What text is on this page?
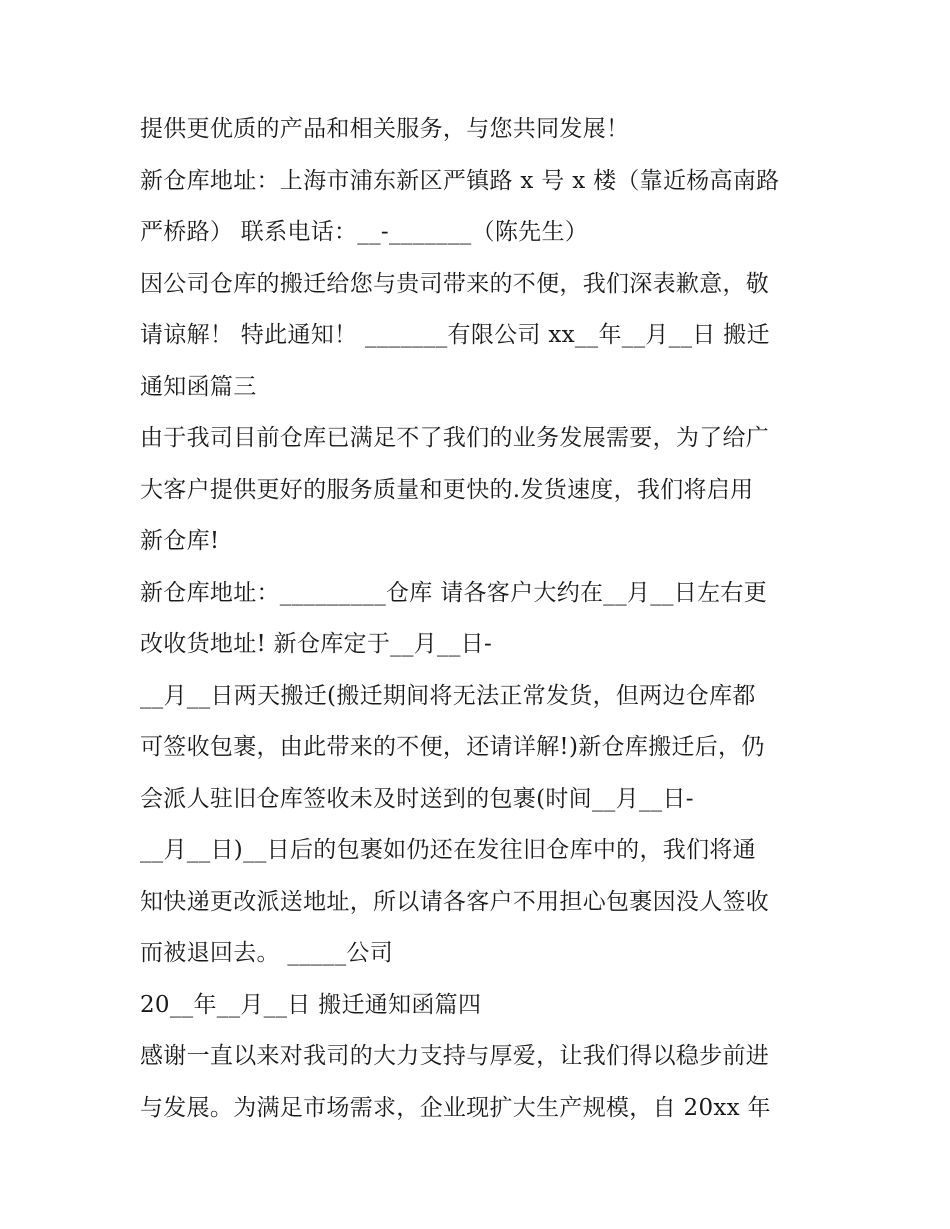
提供更优质的产品和相关服务，与您共同发展！
新仓库地址：上海市浦东新区严镇路 x 号 x 楼（靠近杨高南路
严桥路） 联系电话：__-_______（陈先生）
因公司仓库的搬迁给您与贵司带来的不便，我们深表歉意，敬
请谅解！ 特此通知！ _______有限公司 xx__年__月__日 搬迁
通知函篇三
由于我司目前仓库已满足不了我们的业务发展需要，为了给广
大客户提供更好的服务质量和更快的.发货速度，我们将启用
新仓库!
新仓库地址：_________仓库 请各客户大约在__月__日左右更
改收货地址! 新仓库定于__月__日-
__月__日两天搬迁(搬迁期间将无法正常发货，但两边仓库都
可签收包裹，由此带来的不便，还请详解!)新仓库搬迁后，仍
会派人驻旧仓库签收未及时送到的包裹(时间__月__日-
__月__日)__日后的包裹如仍还在发往旧仓库中的，我们将通
知快递更改派送地址，所以请各客户不用担心包裹因没人签收
而被退回去。 _____公司
20__年__月__日 搬迁通知函篇四
感谢一直以来对我司的大力支持与厚爱，让我们得以稳步前进
与发展。为满足市场需求，企业现扩大生产规模，自 20xx 年
